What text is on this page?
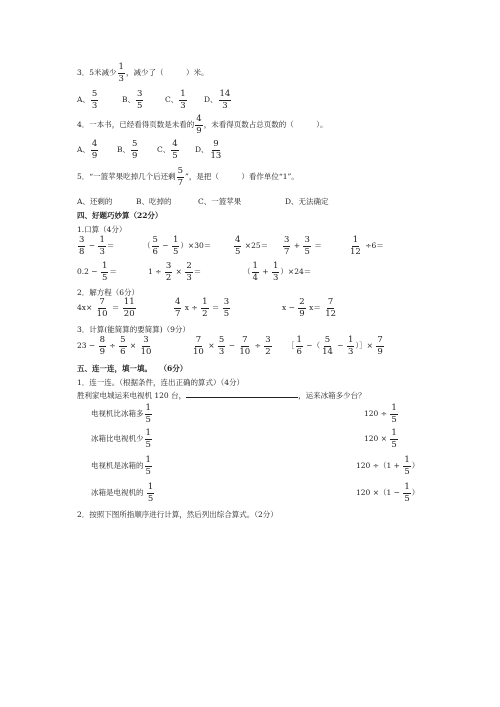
3．5米减少 $\frac{1}{3}$ ，减少了（　　　）米。
A、 $\frac{5}{3}$	B、 $\frac{3}{5}$	C、 $\frac{1}{3}$ D、 $\frac{14}{3}$
4．一本书，已经看得页数是未看的 $\frac{4}{9}$ ，未看得页数占总页数的（　　　）。
A、 $\frac{4}{9}$ B、 $\frac{5}{9}$ C、 $\frac{4}{5}$ D、 $\frac{9}{13}$
5．“一篮苹果吃掉几个后还剩 $\frac{5}{7}$ ”，是把（　　　）看作单位“1”。
A、还剩的	B、吃掉的	C、一篮苹果	D、无法确定
四、好题巧妙算（22分）
1.口算（4分）
$\frac{3}{8} - \frac{1}{3}$ ＝	（ $\frac{5}{6} - \frac{1}{5} )\times 30=$	$\frac{4}{5} \times 25= \frac{3}{7} + \frac{3}{5}$ ＝	$\frac{1}{12} \div 6=$
$0.2 - \frac{1}{5}$ ＝	$1 \div \frac{3}{2} \times \frac{2}{3}$ ＝	（ $\frac{1}{4} + \frac{1}{3} )\times 24=$
2．解方程（6分）
$4x\times \frac{7}{10} = \frac{11}{20}$	$\frac{4}{7}$ $x \div \frac{1}{2} = \frac{3}{5}$	$x - \frac{2}{9} x= \frac{7}{12}$
3．计算(能简算的要简算)（9分）
$23 - \frac{8}{9} \div \frac{5}{6} \times \frac{3}{10}$	$\frac{7}{10} \times \frac{5}{3} - \frac{7}{10} \div \frac{3}{2}$ ［ $\frac{1}{6}$ −（ $\frac{5}{14} - \frac{1}{3}$ ）］× $\frac{7}{9}$
五、连一连，填一填。　　（6分）
1．连一连。（根据条件，连出正确的算式）（4分）
胜利家电城运来电视机 120 台，	，运来冰箱多少台？
电视机比冰箱多 $\frac{1}{5}$
冰箱比电视机少 $\frac{1}{5}$
电视机是冰箱的 $\frac{1}{5}$
冰箱是电视机的 $\frac{1}{5}$
$120 \div \frac{1}{5}$
$120 \times \frac{1}{5}$
$120 \div(1 + \frac{1}{5}$ ）
$120 \times(1 - \frac{1}{5}$ ）
2．按照下图所指顺序进行计算，然后列出综合算式。（2分）
